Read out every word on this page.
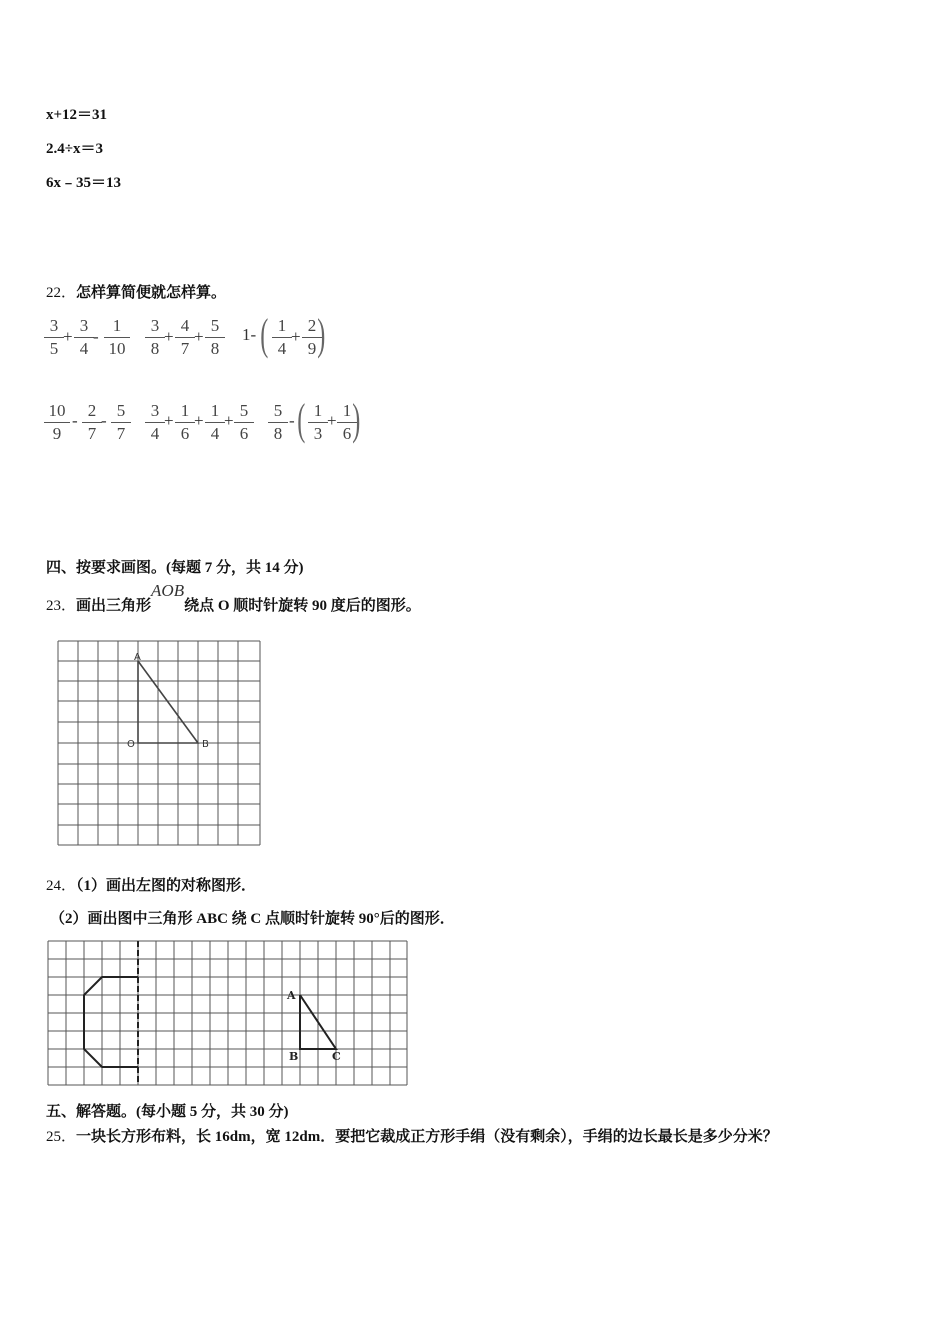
x+12＝31
2.4÷x＝3
6x﹣35＝13
22．怎样算简便就怎样算。
3
5
+
3
4
-
1
10
3
8
+
4
7
+
5
8
1- ( 1
4
+
2
9 )
10
9
-
2
7
-
5
7
3
4
+
1
6
+
1
4
+
5
6
5
8
- ( 1
3
+
1
6 )
四、按要求画图。(每题 7 分，共 14 分)
23．画出三角形AOB绕点 O 顺时针旋转 90 度后的图形。
A
O	B
24．（1）画出左图的对称图形．
（2）画出图中三角形 ABC 绕 C 点顺时针旋转 90°后的图形．
A
B	C
五、解答题。(每小题 5 分，共 30 分)
25．一块长方形布料，长 16dm，宽 12dm．要把它裁成正方形手绢（没有剩余），手绢的边长最长是多少分米？
